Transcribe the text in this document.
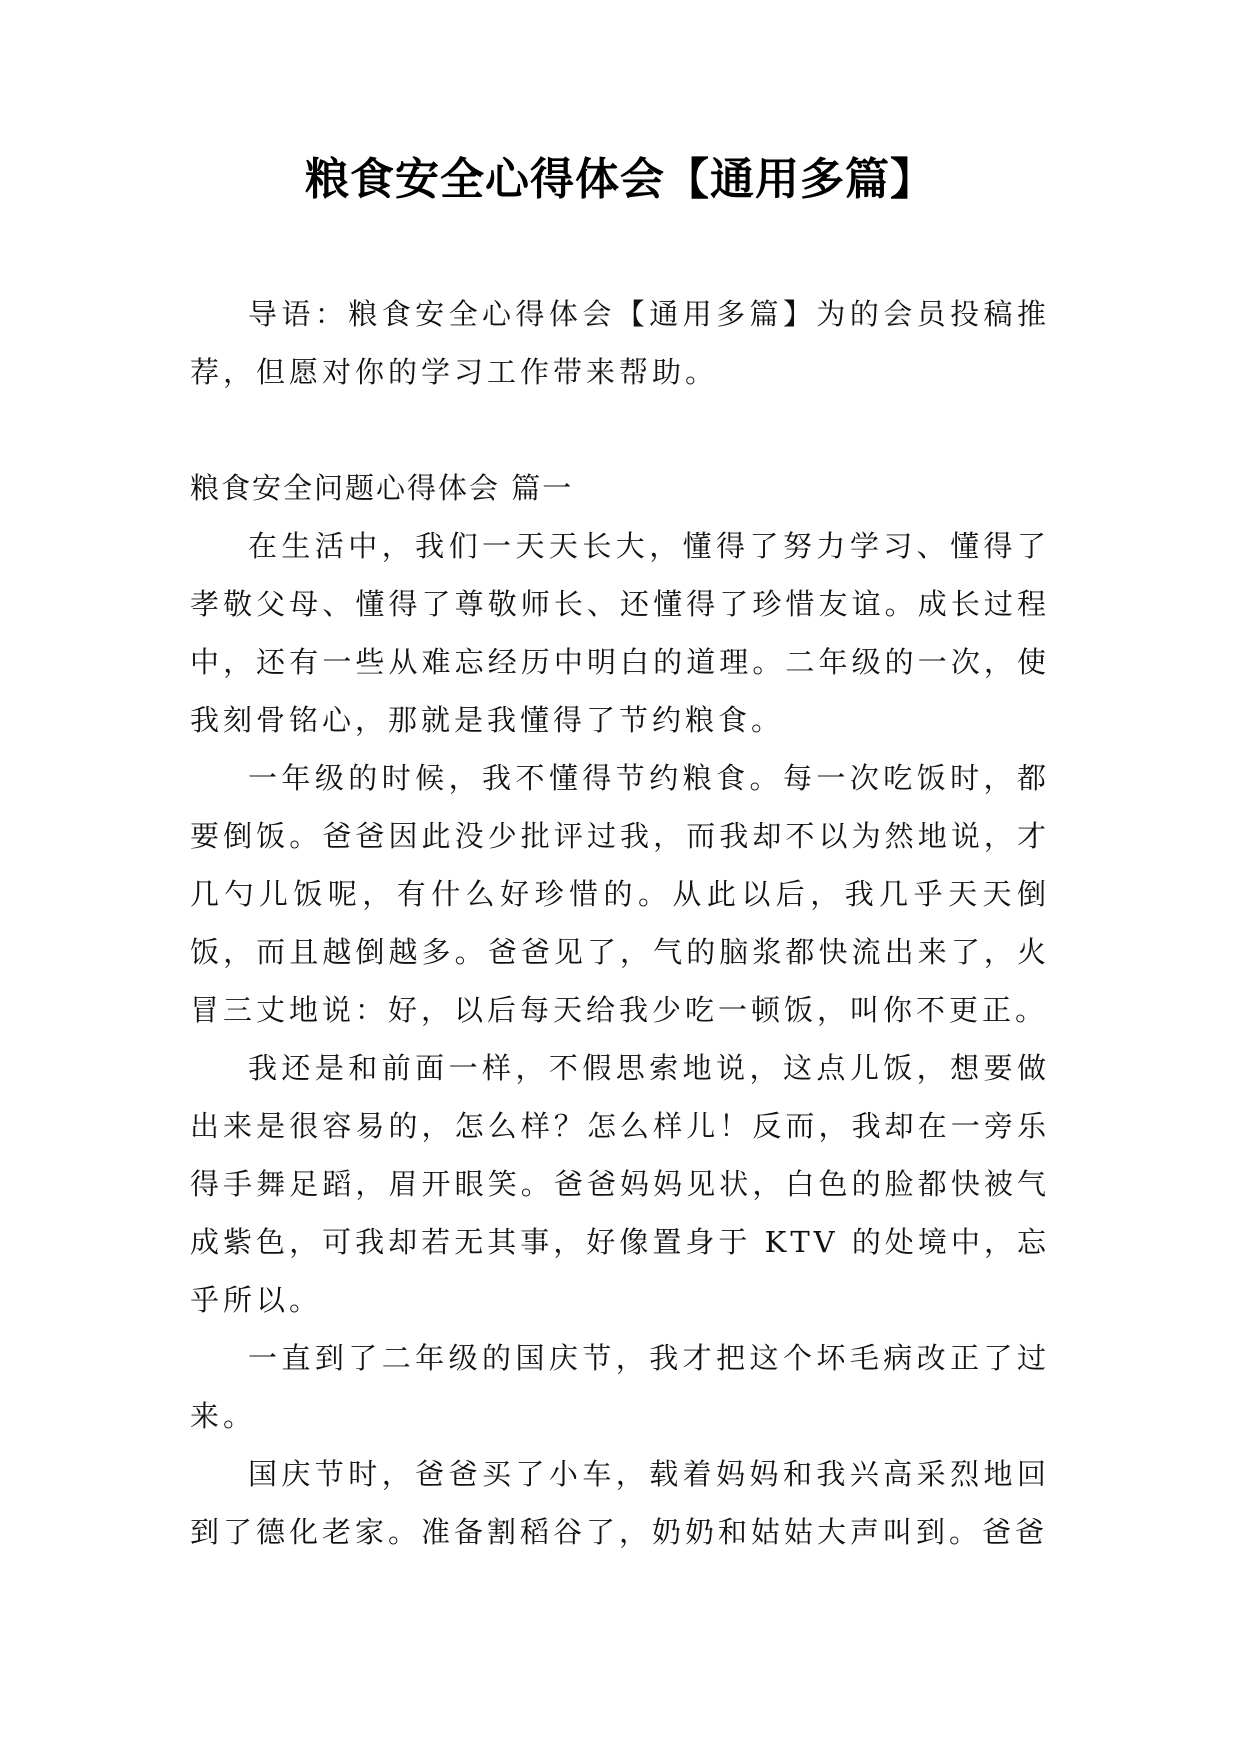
粮食安全心得体会【通用多篇】

导语：粮食安全心得体会【通用多篇】为的会员投稿推荐，但愿对你的学习工作带来帮助。

粮食安全问题心得体会 篇一

在生活中，我们一天天长大，懂得了努力学习、懂得了孝敬父母、懂得了尊敬师长、还懂得了珍惜友谊。成长过程中，还有一些从难忘经历中明白的道理。二年级的一次，使我刻骨铭心，那就是我懂得了节约粮食。

一年级的时候，我不懂得节约粮食。每一次吃饭时，都要倒饭。爸爸因此没少批评过我，而我却不以为然地说，才几勺儿饭呢，有什么好珍惜的。从此以后，我几乎天天倒饭，而且越倒越多。爸爸见了，气的脑浆都快流出来了，火冒三丈地说：好，以后每天给我少吃一顿饭，叫你不更正。

我还是和前面一样，不假思索地说，这点儿饭，想要做出来是很容易的，怎么样？怎么样儿！反而，我却在一旁乐得手舞足蹈，眉开眼笑。爸爸妈妈见状，白色的脸都快被气成紫色，可我却若无其事，好像置身于 KTV 的处境中，忘乎所以。

一直到了二年级的国庆节，我才把这个坏毛病改正了过来。

国庆节时，爸爸买了小车，载着妈妈和我兴高采烈地回到了德化老家。准备割稻谷了，奶奶和姑姑大声叫到。爸爸
